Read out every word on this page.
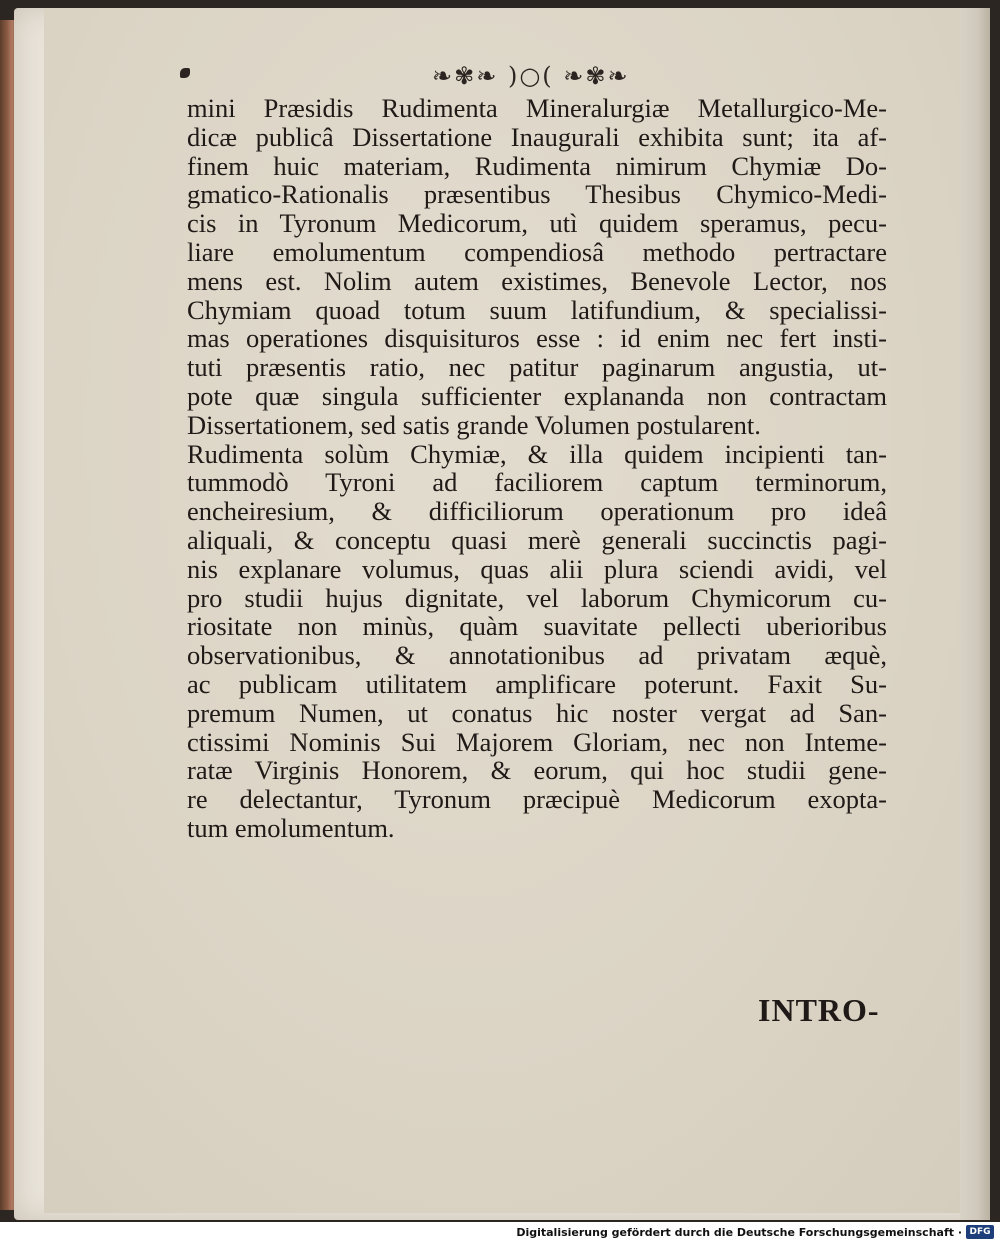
❧✾❧ )○( ❧✾❧
mini Præsidis Rudimenta Mineralurgiæ Metallurgico-Me-
dicæ publicâ Dissertatione Inaugurali exhibita sunt; ita af-
finem huic materiam, Rudimenta nimirum Chymiæ Do-
gmatico-Rationalis præsentibus Thesibus Chymico-Medi-
cis in Tyronum Medicorum, utì quidem speramus, pecu-
liare emolumentum compendiosâ methodo pertractare
mens est. Nolim autem existimes, Benevole Lector, nos
Chymiam quoad totum suum latifundium, & specialissi-
mas operationes disquisituros esse : id enim nec fert insti-
tuti præsentis ratio, nec patitur paginarum angustia, ut-
pote quæ singula sufficienter explananda non contractam
Dissertationem, sed satis grande Volumen postularent.
Rudimenta solùm Chymiæ, & illa quidem incipienti tan-
tummodò Tyroni ad faciliorem captum terminorum,
encheiresium, & difficiliorum operationum pro ideâ
aliquali, & conceptu quasi merè generali succinctis pagi-
nis explanare volumus, quas alii plura sciendi avidi, vel
pro studii hujus dignitate, vel laborum Chymicorum cu-
riositate non minùs, quàm suavitate pellecti uberioribus
observationibus, & annotationibus ad privatam æquè,
ac publicam utilitatem amplificare poterunt. Faxit Su-
premum Numen, ut conatus hic noster vergat ad San-
ctissimi Nominis Sui Majorem Gloriam, nec non Inteme-
ratæ Virginis Honorem, & eorum, qui hoc studii gene-
re delectantur, Tyronum præcipuè Medicorum exopta-
tum emolumentum.
INTRO-
Digitalisierung gefördert durch die Deutsche Forschungsgemeinschaft · DFG
